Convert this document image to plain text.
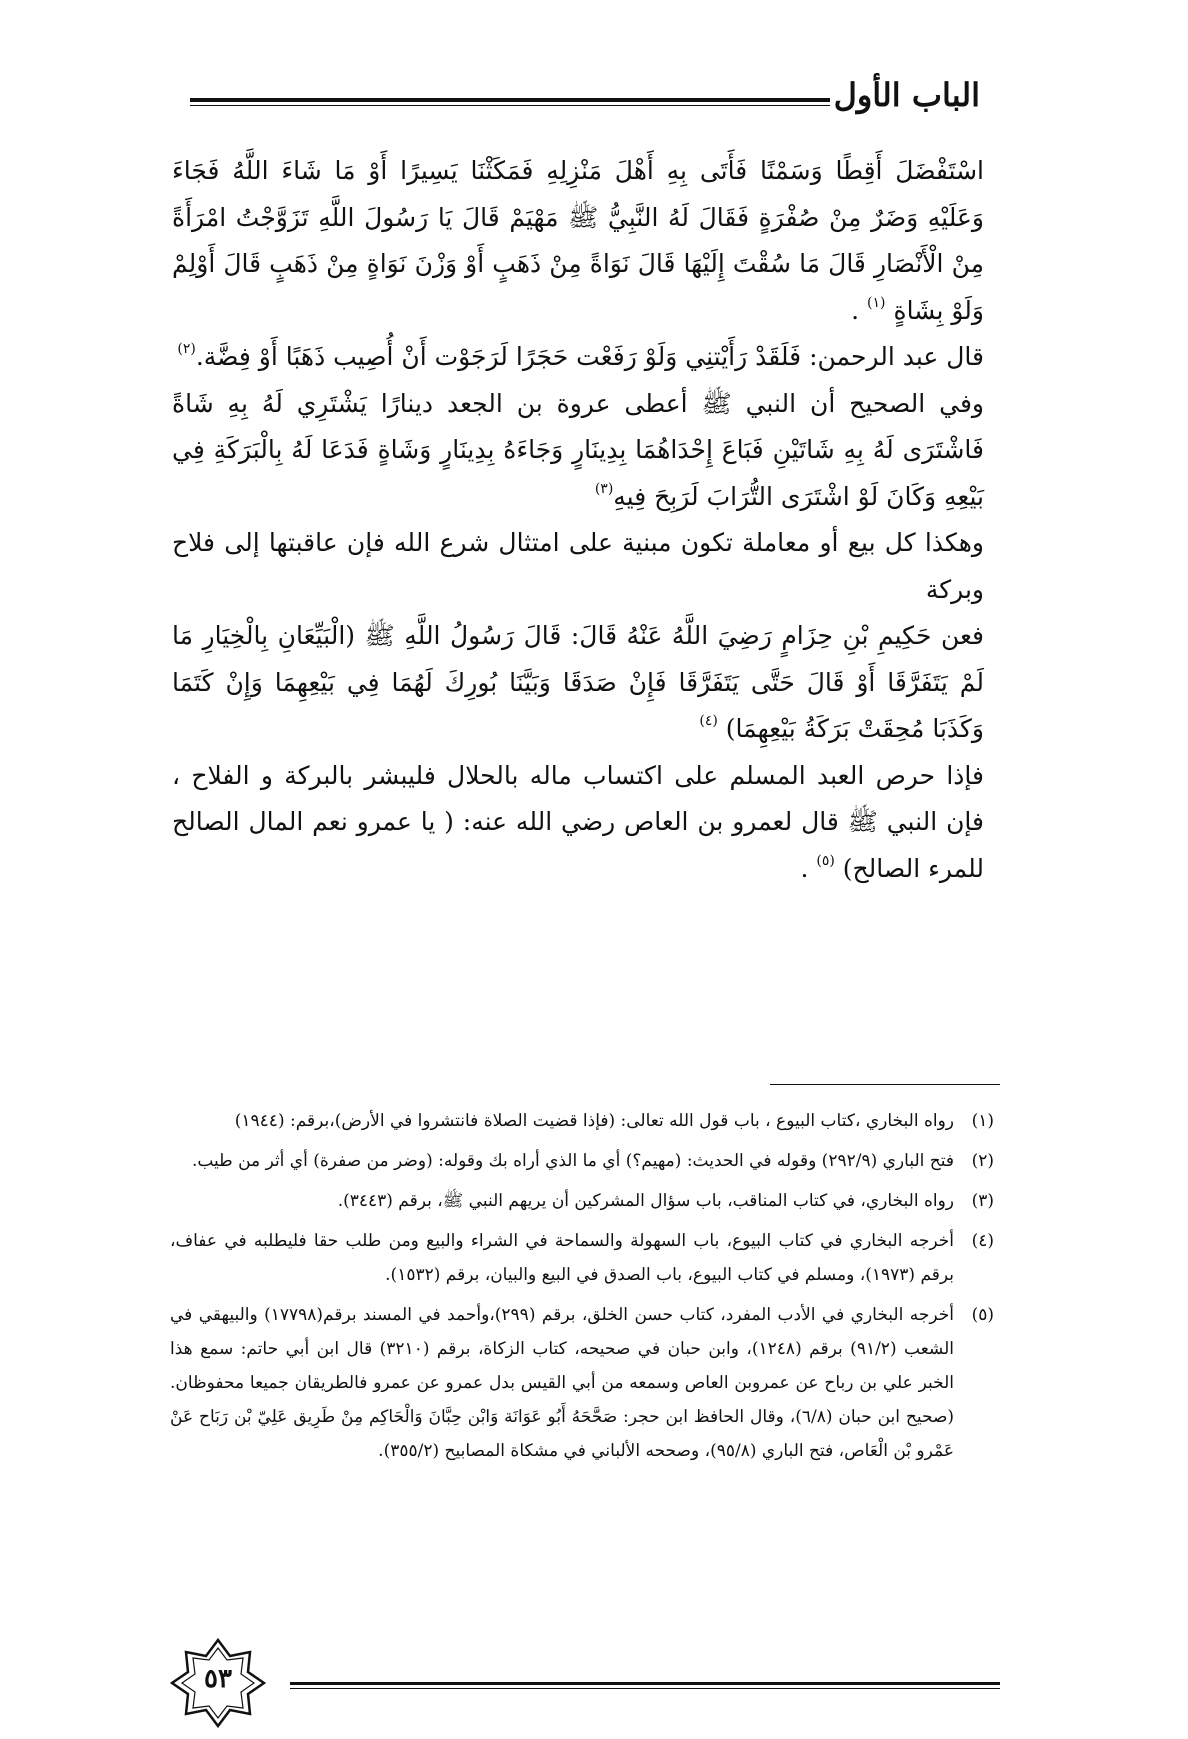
الباب الأول

اسْتَفْضَلَ أَقِطًا وَسَمْنًا فَأَتَى بِهِ أَهْلَ مَنْزِلِهِ فَمَكَثْنَا يَسِيرًا أَوْ مَا شَاءَ اللَّهُ فَجَاءَ وَعَلَيْهِ وَضَرٌ مِنْ صُفْرَةٍ فَقَالَ لَهُ النَّبِيُّ ﷺ مَهْيَمْ قَالَ يَا رَسُولَ اللَّهِ تَزَوَّجْتُ امْرَأَةً مِنْ الْأَنْصَارِ قَالَ مَا سُقْتَ إِلَيْهَا قَالَ نَوَاةً مِنْ ذَهَبٍ أَوْ وَزْنَ نَوَاةٍ مِنْ ذَهَبٍ قَالَ أَوْلِمْ وَلَوْ بِشَاةٍ $^{(١)}$ .

قال عبد الرحمن: فَلَقَدْ رَأَيْتنِي وَلَوْ رَفَعْت حَجَرًا لَرَجَوْت أَنْ أُصِيب ذَهَبًا أَوْ فِضَّة.$^{(٢)}$

وفي الصحيح أن النبي ﷺ أعطى عروة بن الجعد دينارًا يَشْتَرِي لَهُ بِهِ شَاةً فَاشْتَرَى لَهُ بِهِ شَاتَيْنِ فَبَاعَ إِحْدَاهُمَا بِدِينَارٍ وَجَاءَهُ بِدِينَارٍ وَشَاةٍ فَدَعَا لَهُ بِالْبَرَكَةِ فِي بَيْعِهِ وَكَانَ لَوْ اشْتَرَى التُّرَابَ لَرَبِحَ فِيهِ$^{(٣)}$

وهكذا كل بيع أو معاملة تكون مبنية على امتثال شرع الله فإن عاقبتها إلى فلاح وبركة

فعن حَكِيمِ بْنِ حِزَامٍ رَضِيَ اللَّهُ عَنْهُ قَالَ: قَالَ رَسُولُ اللَّهِ ﷺ (الْبَيِّعَانِ بِالْخِيَارِ مَا لَمْ يَتَفَرَّقَا أَوْ قَالَ حَتَّى يَتَفَرَّقَا فَإِنْ صَدَقَا وَبَيَّنَا بُورِكَ لَهُمَا فِي بَيْعِهِمَا وَإِنْ كَتَمَا وَكَذَبَا مُحِقَتْ بَرَكَةُ بَيْعِهِمَا) $^{(٤)}$

فإذا حرص العبد المسلم على اكتساب ماله بالحلال فليبشر بالبركة و الفلاح ، فإن النبي ﷺ قال لعمرو بن العاص رضي الله عنه: ( يا عمرو نعم المال الصالح للمرء الصالح) $^{(٥)}$ .

(١)
رواه البخاري ،كتاب البيوع ، باب قول الله تعالى: (فإذا قضيت الصلاة فانتشروا في الأرض)،برقم: (١٩٤٤)
(٢)
فتح الباري (٢٩٢/٩) وقوله في الحديث: (مهيم؟) أي ما الذي أراه بك وقوله: (وضر من صفرة) أي أثر من طيب.
(٣)
رواه البخاري، في كتاب المناقب، باب سؤال المشركين أن يريهم النبي ﷺ، برقم (٣٤٤٣).
(٤)
أخرجه البخاري في كتاب البيوع، باب السهولة والسماحة في الشراء والبيع ومن طلب حقا فليطلبه في عفاف، برقم (١٩٧٣)، ومسلم في كتاب البيوع، باب الصدق في البيع والبيان، برقم (١٥٣٢).
(٥)
أخرجه البخاري في الأدب المفرد، كتاب حسن الخلق، برقم (٢٩٩)،وأحمد في المسند برقم(١٧٧٩٨) والبيهقي في الشعب (٩١/٢) برقم (١٢٤٨)، وابن حبان في صحيحه، كتاب الزكاة، برقم (٣٢١٠) قال ابن أبي حاتم: سمع هذا الخبر علي بن رباح عن عمروبن العاص وسمعه من أبي القيس بدل عمرو عن عمرو فالطريقان جميعا محفوظان. (صحيح ابن حبان (٦/٨)، وقال الحافظ ابن حجر: صَحَّحَهُ أَبُو عَوَانَة وَابْن حِبَّانَ وَالْحَاكِم مِنْ طَرِيق عَلِيّ بْن رَبَاح عَنْ عَمْرو بْن الْعَاص، فتح الباري (٩٥/٨)، وصححه الألباني في مشكاة المصابيح (٣٥٥/٢).
٥٣
